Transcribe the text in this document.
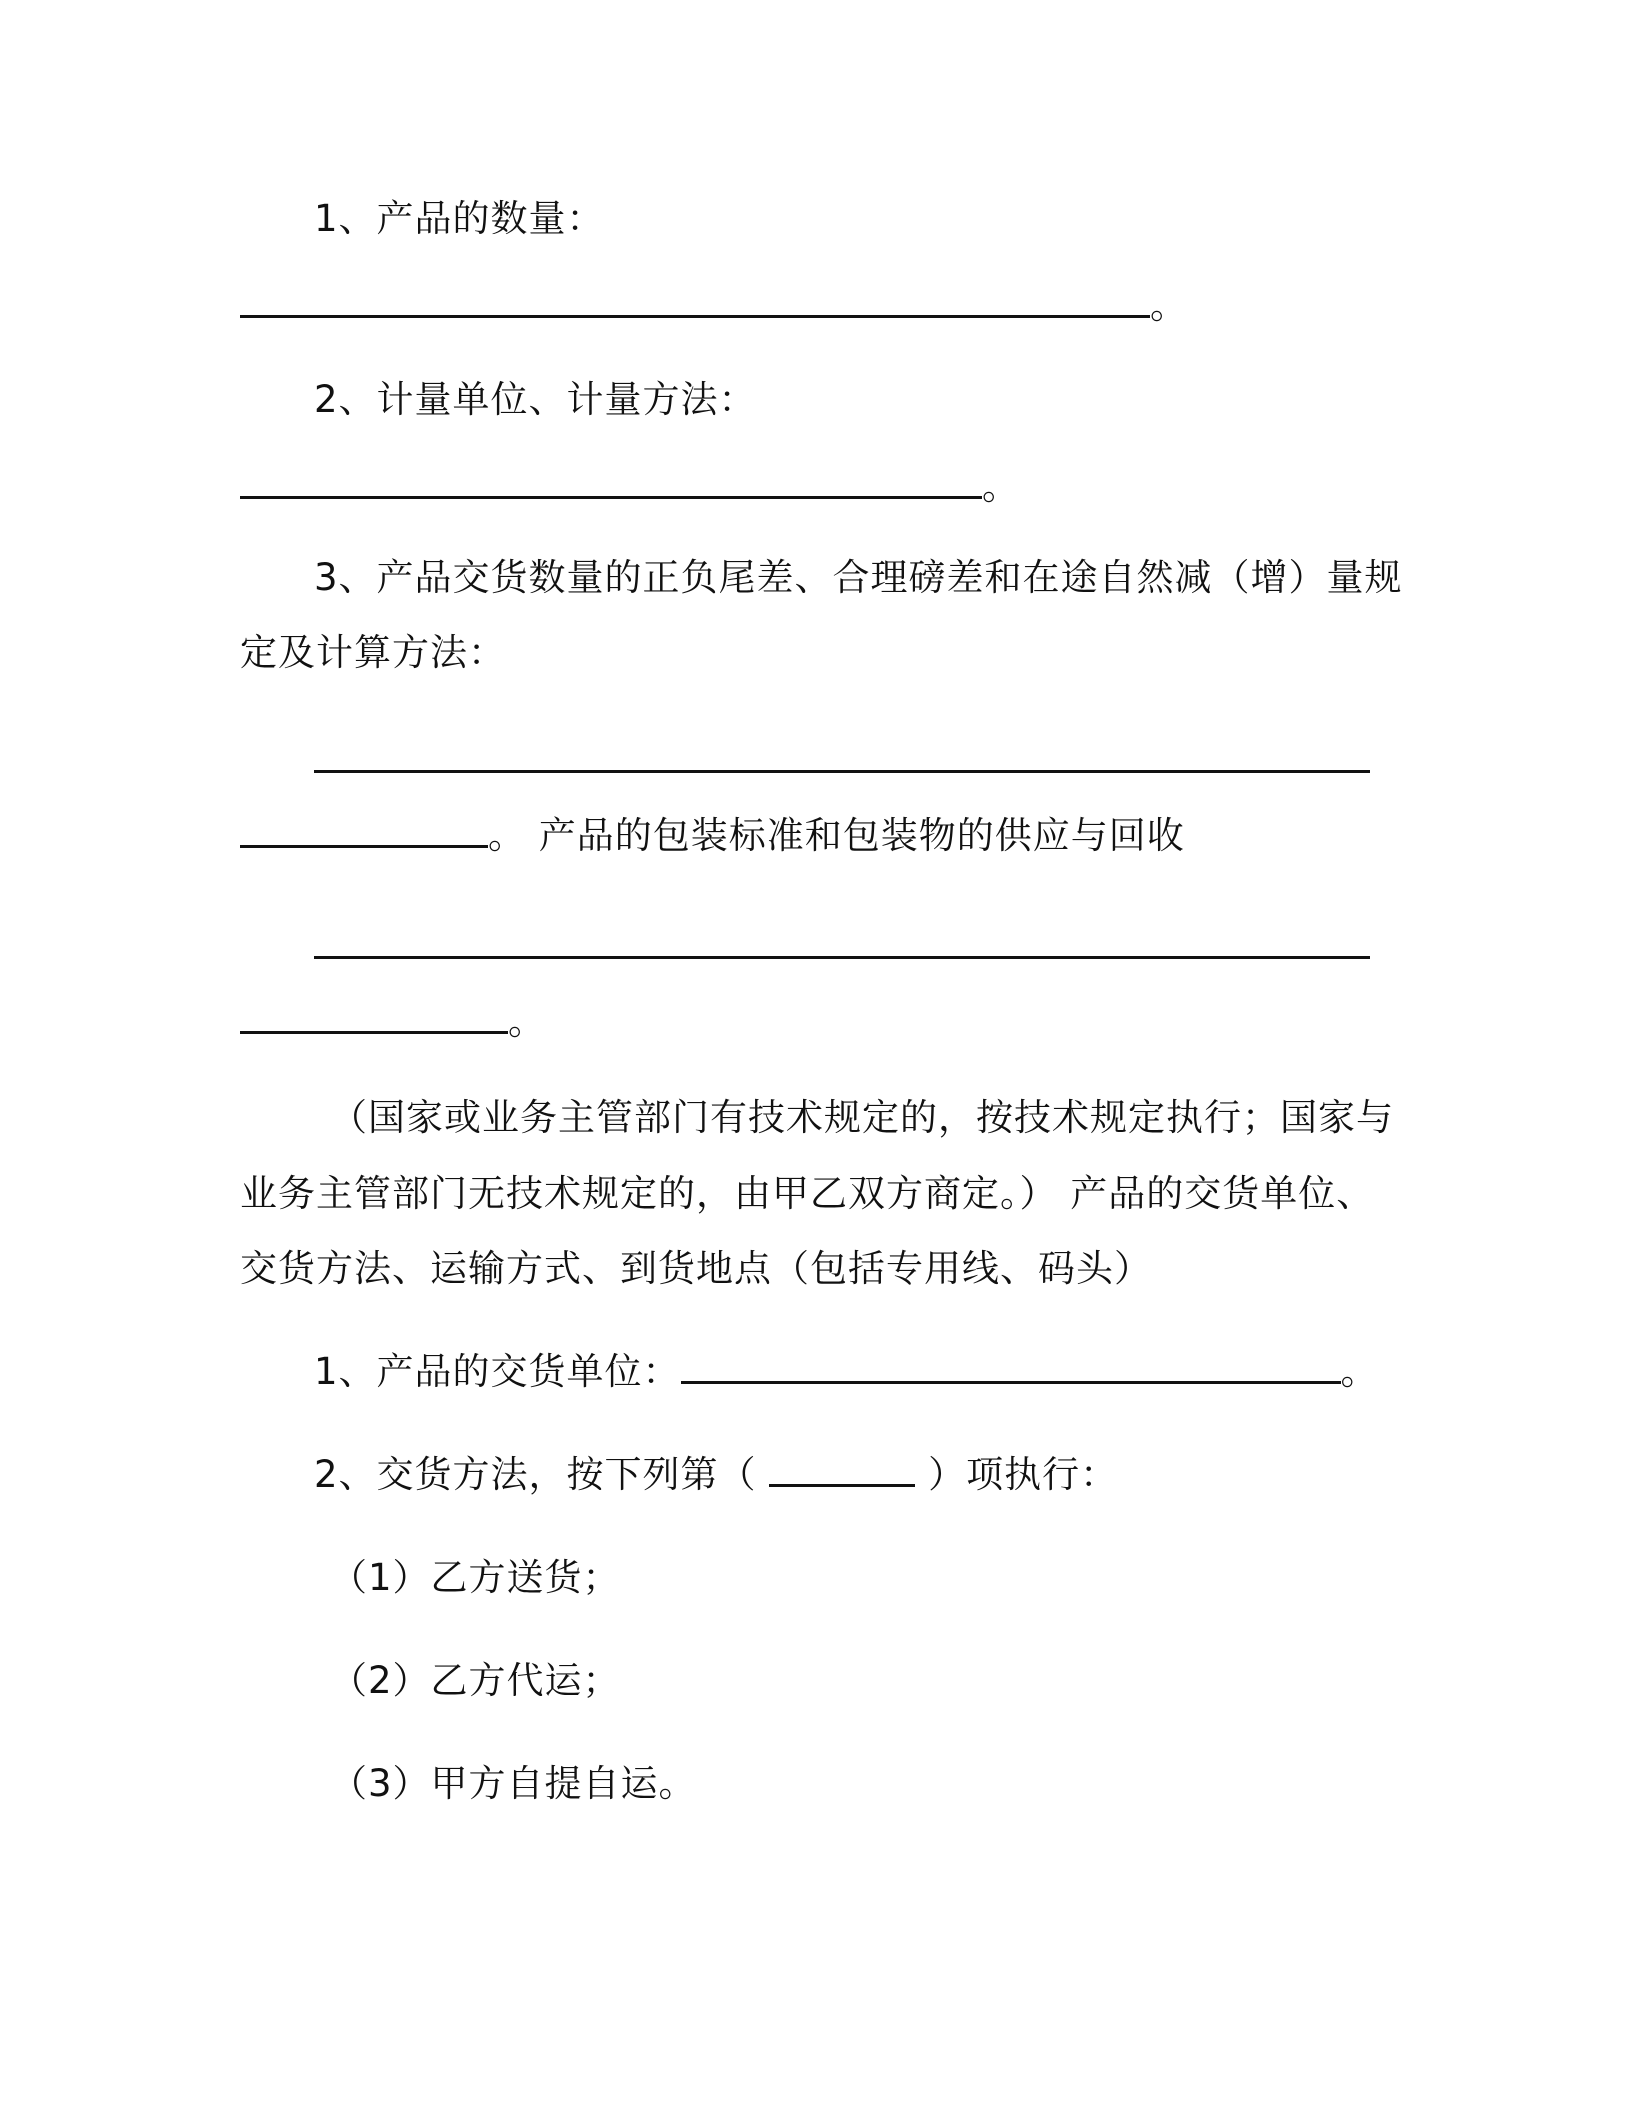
1、产品的数量：
。
2、计量单位、计量方法：
。
3、产品交货数量的正负尾差、合理磅差和在途自然减（增）量规
定及计算方法：
。 产品的包装标准和包装物的供应与回收
。
（国家或业务主管部门有技术规定的，按技术规定执行；国家与
业务主管部门无技术规定的，由甲乙双方商定。） 产品的交货单位、
交货方法、运输方式、到货地点（包括专用线、码头）
1、产品的交货单位：	。
2、交货方法，按下列第（	）项执行：
（1）乙方送货；
（2）乙方代运；
（3）甲方自提自运。
